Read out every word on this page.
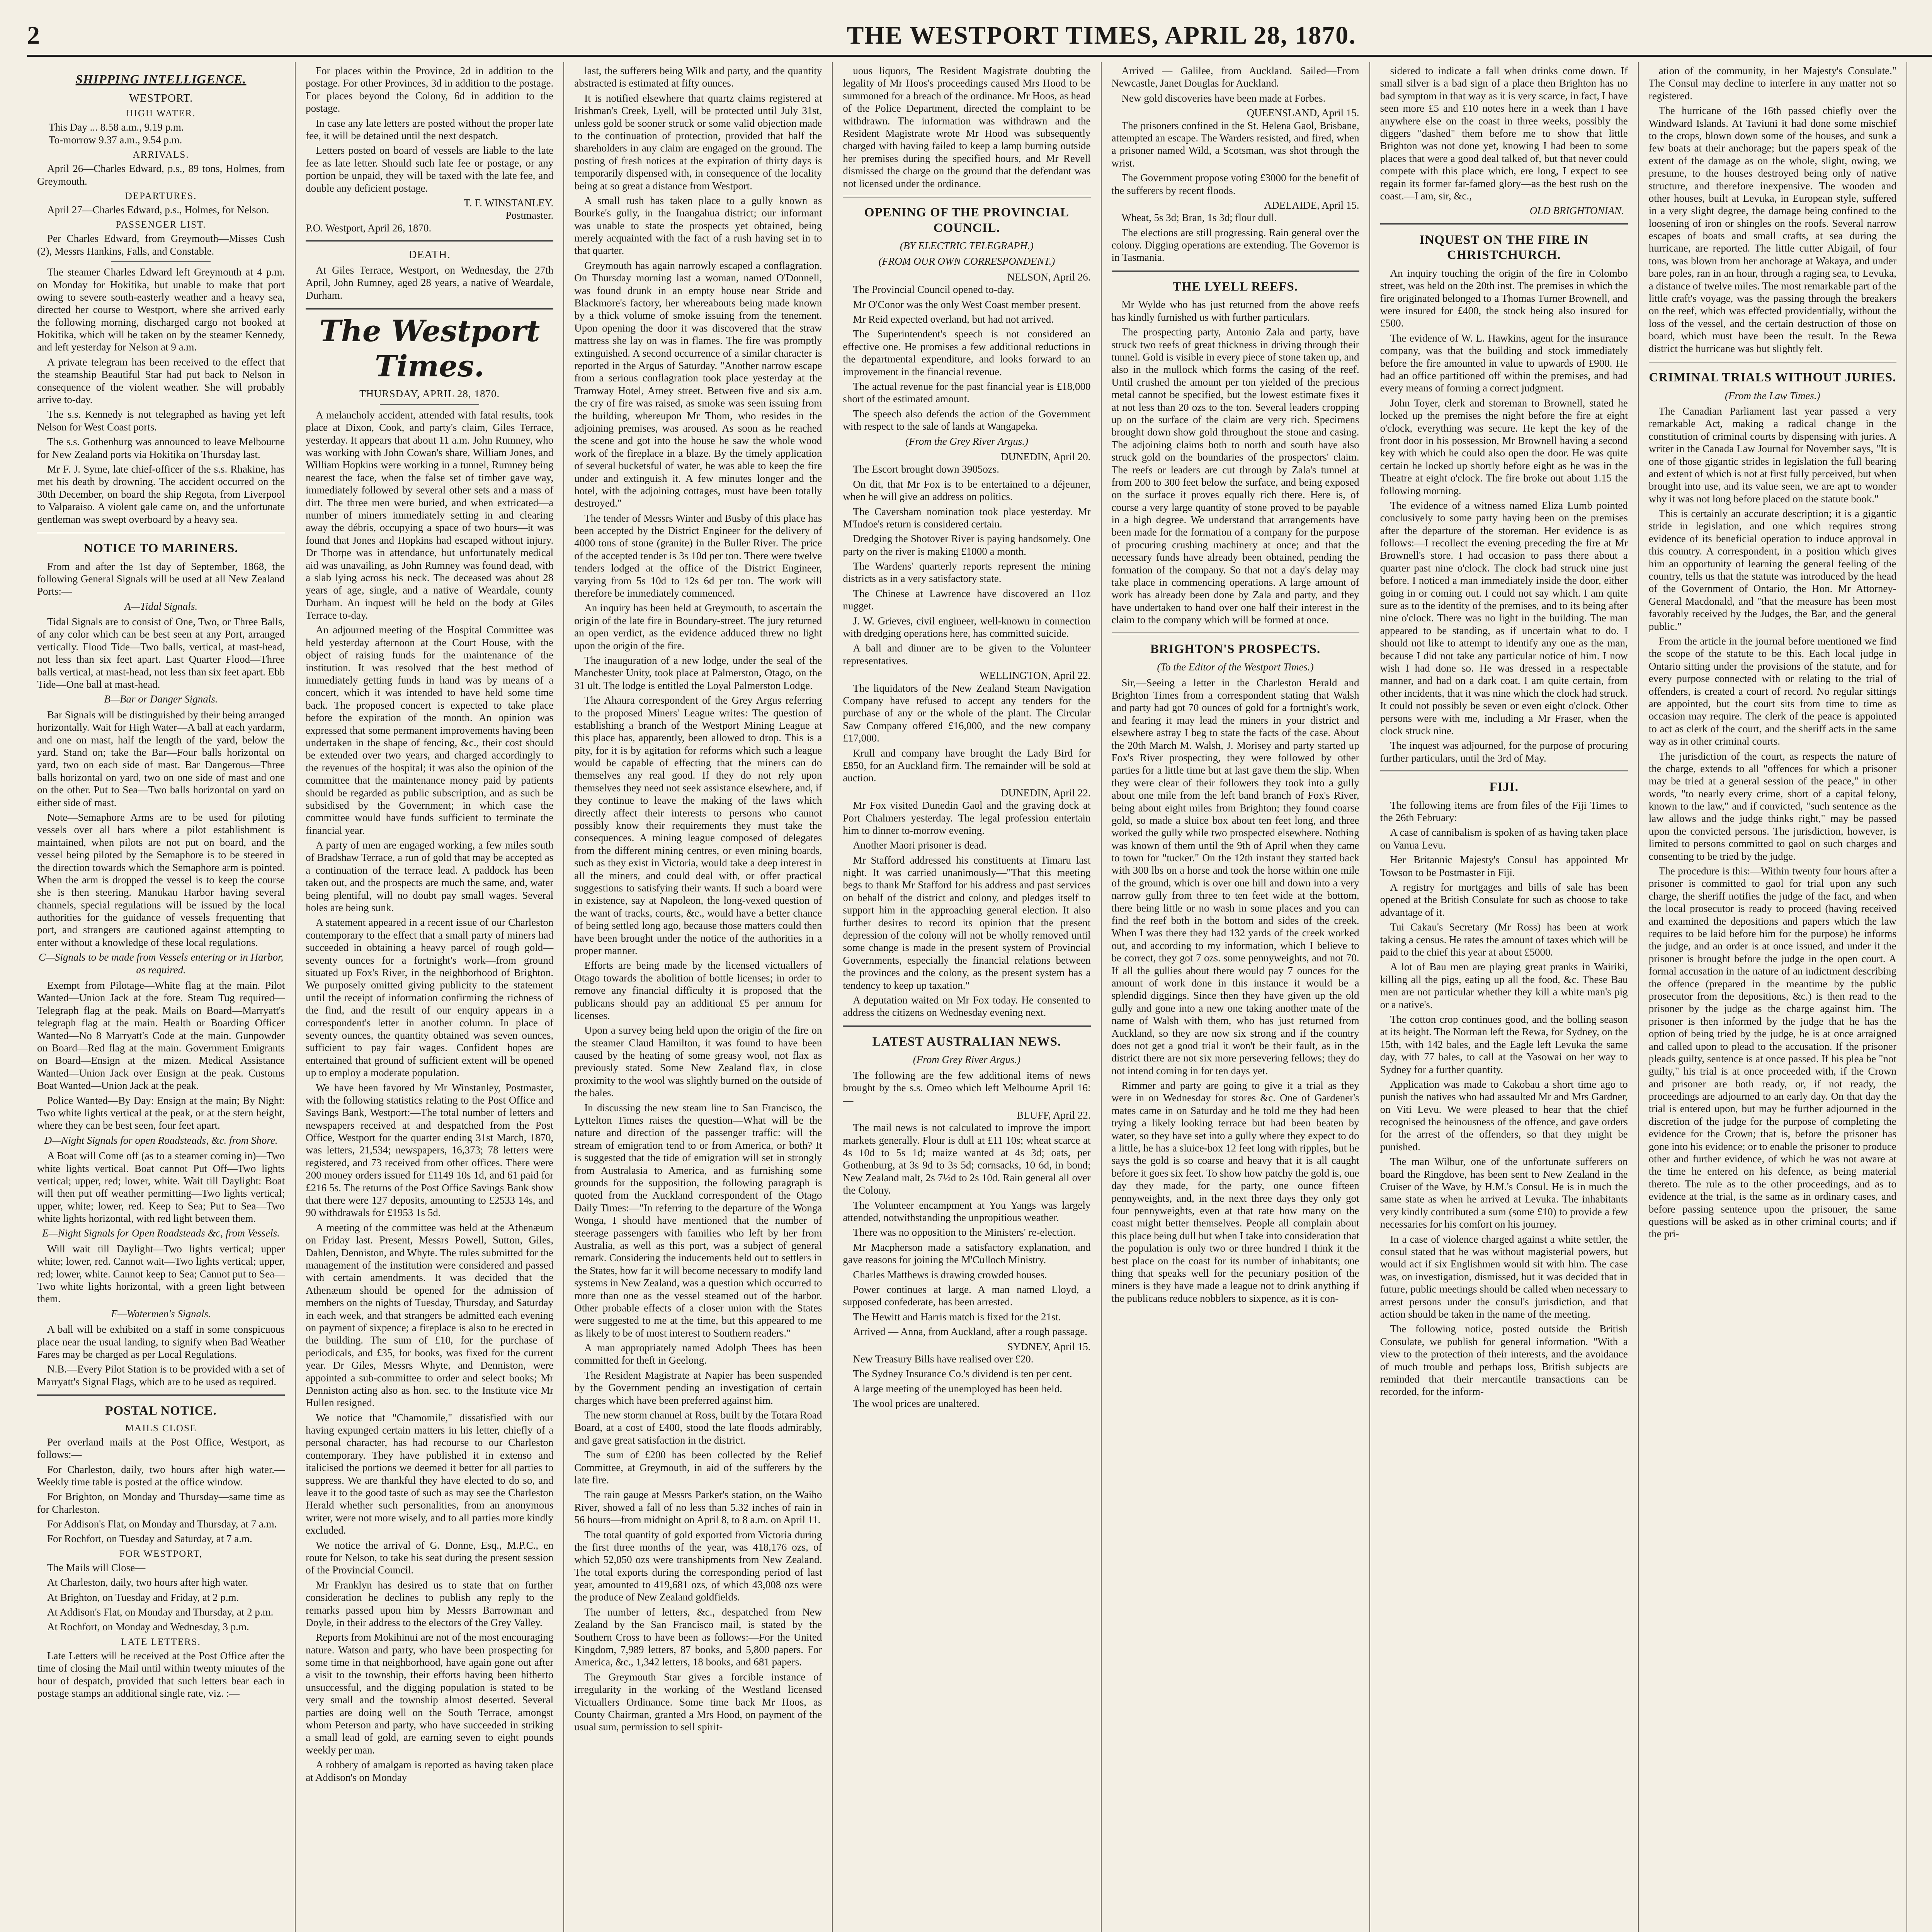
2	THE WESTPORT TIMES, APRIL 28, 1870.
SHIPPING INTELLIGENCE.
WESTPORT.
HIGH WATER.
This Day ... 8.58 a.m., 9.19 p.m.
To-morrow 9.37 a.m., 9.54 p.m.
ARRIVALS.

April 26—Charles Edward, p.s., 89 tons, Holmes, from Greymouth.

DEPARTURES.

April 27—Charles Edward, p.s., Holmes, for Nelson.

PASSENGER LIST.

Per Charles Edward, from Greymouth—Misses Cush (2), Messrs Hankins, Falls, and Constable.

The steamer Charles Edward left Greymouth at 4 p.m. on Monday for Hokitika, but unable to make that port owing to severe south-easterly weather and a heavy sea, directed her course to Westport, where she arrived early the following morning, discharged cargo not booked at Hokitika, which will be taken on by the steamer Kennedy, and left yesterday for Nelson at 9 a.m.

A private telegram has been received to the effect that the steamship Beautiful Star had put back to Nelson in consequence of the violent weather. She will probably arrive to-day.

The s.s. Kennedy is not telegraphed as having yet left Nelson for West Coast ports.

The s.s. Gothenburg was announced to leave Melbourne for New Zealand ports via Hokitika on Thursday last.

Mr F. J. Syme, late chief-officer of the s.s. Rhakine, has met his death by drowning. The accident occurred on the 30th December, on board the ship Regota, from Liverpool to Valparaiso. A violent gale came on, and the unfortunate gentleman was swept overboard by a heavy sea.

NOTICE TO MARINERS.

From and after the 1st day of September, 1868, the following General Signals will be used at all New Zealand Ports:—

A—Tidal Signals.

Tidal Signals are to consist of One, Two, or Three Balls, of any color which can be best seen at any Port, arranged vertically. Flood Tide—Two balls, vertical, at mast-head, not less than six feet apart. Last Quarter Flood—Three balls vertical, at mast-head, not less than six feet apart. Ebb Tide—One ball at mast-head.

B—Bar or Danger Signals.

Bar Signals will be distinguished by their being arranged horizontally. Wait for High Water—A ball at each yardarm, and one on mast, half the length of the yard, below the yard. Stand on; take the Bar—Four balls horizontal on yard, two on each side of mast. Bar Dangerous—Three balls horizontal on yard, two on one side of mast and one on the other. Put to Sea—Two balls horizontal on yard on either side of mast.

Note—Semaphore Arms are to be used for piloting vessels over all bars where a pilot establishment is maintained, when pilots are not put on board, and the vessel being piloted by the Semaphore is to be steered in the direction towards which the Semaphore arm is pointed. When the arm is dropped the vessel is to keep the course she is then steering. Manukau Harbor having several channels, special regulations will be issued by the local authorities for the guidance of vessels frequenting that port, and strangers are cautioned against attempting to enter without a knowledge of these local regulations.

C—Signals to be made from Vessels entering or in Harbor, as required.

Exempt from Pilotage—White flag at the main. Pilot Wanted—Union Jack at the fore. Steam Tug required—Telegraph flag at the peak. Mails on Board—Marryatt's telegraph flag at the main. Health or Boarding Officer Wanted—No 8 Marryatt's Code at the main. Gunpowder on Board—Red flag at the main. Government Emigrants on Board—Ensign at the mizen. Medical Assistance Wanted—Union Jack over Ensign at the peak. Customs Boat Wanted—Union Jack at the peak.

Police Wanted—By Day: Ensign at the main; By Night: Two white lights vertical at the peak, or at the stern height, where they can be best seen, four feet apart.

D—Night Signals for open Roadsteads, &c. from Shore.

A Boat will Come off (as to a steamer coming in)—Two white lights vertical. Boat cannot Put Off—Two lights vertical; upper, red; lower, white. Wait till Daylight: Boat will then put off weather permitting—Two lights vertical; upper, white; lower, red. Keep to Sea; Put to Sea—Two white lights horizontal, with red light between them.

E—Night Signals for Open Roadsteads &c, from Vessels.

Will wait till Daylight—Two lights vertical; upper white; lower, red. Cannot wait—Two lights vertical; upper, red; lower, white. Cannot keep to Sea; Cannot put to Sea—Two white lights horizontal, with a green light between them.

F—Watermen's Signals.

A ball will be exhibited on a staff in some conspicuous place near the usual landing, to signify when Bad Weather Fares may be charged as per Local Regulations.

N.B.—Every Pilot Station is to be provided with a set of Marryatt's Signal Flags, which are to be used as required.

POSTAL NOTICE.
MAILS CLOSE

Per overland mails at the Post Office, Westport, as follows:—

For Charleston, daily, two hours after high water.—Weekly time table is posted at the office window.

For Brighton, on Monday and Thursday—same time as for Charleston.

For Addison's Flat, on Monday and Thursday, at 7 a.m.

For Rochfort, on Tuesday and Saturday, at 7 a.m.

FOR WESTPORT,

The Mails will Close—

At Charleston, daily, two hours after high water.

At Brighton, on Tuesday and Friday, at 2 p.m.

At Addison's Flat, on Monday and Thursday, at 2 p.m.

At Rochfort, on Monday and Wednesday, 3 p.m.

LATE LETTERS.

Late Letters will be received at the Post Office after the time of closing the Mail until within twenty minutes of the hour of despatch, provided that such letters bear each in postage stamps an additional single rate, viz. :—

For places within the Province, 2d in addition to the postage. For other Provinces, 3d in addition to the postage. For places beyond the Colony, 6d in addition to the postage.

In case any late letters are posted without the proper late fee, it will be detained until the next despatch.

Letters posted on board of vessels are liable to the late fee as late letter. Should such late fee or postage, or any portion be unpaid, they will be taxed with the late fee, and double any deficient postage.

T. F. WINSTANLEY.
Postmaster.
P.O. Westport, April 26, 1870.
DEATH.

At Giles Terrace, Westport, on Wednesday, the 27th April, John Rumney, aged 28 years, a native of Weardale, Durham.

The Westport Times.
THURSDAY, APRIL 28, 1870.

A melancholy accident, attended with fatal results, took place at Dixon, Cook, and party's claim, Giles Terrace, yesterday. It appears that about 11 a.m. John Rumney, who was working with John Cowan's share, William Jones, and William Hopkins were working in a tunnel, Rumney being nearest the face, when the false set of timber gave way, immediately followed by several other sets and a mass of dirt. The three men were buried, and when extricated—a number of miners immediately setting in and clearing away the débris, occupying a space of two hours—it was found that Jones and Hopkins had escaped without injury. Dr Thorpe was in attendance, but unfortunately medical aid was unavailing, as John Rumney was found dead, with a slab lying across his neck. The deceased was about 28 years of age, single, and a native of Weardale, county Durham. An inquest will be held on the body at Giles Terrace to-day.

An adjourned meeting of the Hospital Committee was held yesterday afternoon at the Court House, with the object of raising funds for the maintenance of the institution. It was resolved that the best method of immediately getting funds in hand was by means of a concert, which it was intended to have held some time back. The proposed concert is expected to take place before the expiration of the month. An opinion was expressed that some permanent improvements having been undertaken in the shape of fencing, &c., their cost should be extended over two years, and charged accordingly to the revenues of the hospital; it was also the opinion of the committee that the maintenance money paid by patients should be regarded as public subscription, and as such be subsidised by the Government; in which case the committee would have funds sufficient to terminate the financial year.

A party of men are engaged working, a few miles south of Bradshaw Terrace, a run of gold that may be accepted as a continuation of the terrace lead. A paddock has been taken out, and the prospects are much the same, and, water being plentiful, will no doubt pay small wages. Several holes are being sunk.

A statement appeared in a recent issue of our Charleston contemporary to the effect that a small party of miners had succeeded in obtaining a heavy parcel of rough gold—seventy ounces for a fortnight's work—from ground situated up Fox's River, in the neighborhood of Brighton. We purposely omitted giving publicity to the statement until the receipt of information confirming the richness of the find, and the result of our enquiry appears in a correspondent's letter in another column. In place of seventy ounces, the quantity obtained was seven ounces, sufficient to pay fair wages. Confident hopes are entertained that ground of sufficient extent will be opened up to employ a moderate population.

We have been favored by Mr Winstanley, Postmaster, with the following statistics relating to the Post Office and Savings Bank, Westport:—The total number of letters and newspapers received at and despatched from the Post Office, Westport for the quarter ending 31st March, 1870, was letters, 21,534; newspapers, 16,373; 78 letters were registered, and 73 received from other offices. There were 200 money orders issued for £1149 10s 1d, and 61 paid for £216 5s. The returns of the Post Office Savings Bank show that there were 127 deposits, amounting to £2533 14s, and 90 withdrawals for £1953 1s 5d.

A meeting of the committee was held at the Athenæum on Friday last. Present, Messrs Powell, Sutton, Giles, Dahlen, Denniston, and Whyte. The rules submitted for the management of the institution were considered and passed with certain amendments. It was decided that the Athenæum should be opened for the admission of members on the nights of Tuesday, Thursday, and Saturday in each week, and that strangers be admitted each evening on payment of sixpence; a fireplace is also to be erected in the building. The sum of £10, for the purchase of periodicals, and £35, for books, was fixed for the current year. Dr Giles, Messrs Whyte, and Denniston, were appointed a sub-committee to order and select books; Mr Denniston acting also as hon. sec. to the Institute vice Mr Hullen resigned.

We notice that "Chamomile," dissatisfied with our having expunged certain matters in his letter, chiefly of a personal character, has had recourse to our Charleston contemporary. They have published it in extenso and italicised the portions we deemed it better for all parties to suppress. We are thankful they have elected to do so, and leave it to the good taste of such as may see the Charleston Herald whether such personalities, from an anonymous writer, were not more wisely, and to all parties more kindly excluded.

We notice the arrival of G. Donne, Esq., M.P.C., en route for Nelson, to take his seat during the present session of the Provincial Council.

Mr Franklyn has desired us to state that on further consideration he declines to publish any reply to the remarks passed upon him by Messrs Barrowman and Doyle, in their address to the electors of the Grey Valley.

Reports from Mokihinui are not of the most encouraging nature. Watson and party, who have been prospecting for some time in that neighborhood, have again gone out after a visit to the township, their efforts having been hitherto unsuccessful, and the digging population is stated to be very small and the township almost deserted. Several parties are doing well on the South Terrace, amongst whom Peterson and party, who have succeeded in striking a small lead of gold, are earning seven to eight pounds weekly per man.

A robbery of amalgam is reported as having taken place at Addison's on Monday

last, the sufferers being Wilk and party, and the quantity abstracted is estimated at fifty ounces.

It is notified elsewhere that quartz claims registered at Irishman's Creek, Lyell, will be protected until July 31st, unless gold be sooner struck or some valid objection made to the continuation of protection, provided that half the shareholders in any claim are engaged on the ground. The posting of fresh notices at the expiration of thirty days is temporarily dispensed with, in consequence of the locality being at so great a distance from Westport.

A small rush has taken place to a gully known as Bourke's gully, in the Inangahua district; our informant was unable to state the prospects yet obtained, being merely acquainted with the fact of a rush having set in to that quarter.

Greymouth has again narrowly escaped a conflagration. On Thursday morning last a woman, named O'Donnell, was found drunk in an empty house near Stride and Blackmore's factory, her whereabouts being made known by a thick volume of smoke issuing from the tenement. Upon opening the door it was discovered that the straw mattress she lay on was in flames. The fire was promptly extinguished. A second occurrence of a similar character is reported in the Argus of Saturday. "Another narrow escape from a serious conflagration took place yesterday at the Tramway Hotel, Arney street. Between five and six a.m. the cry of fire was raised, as smoke was seen issuing from the building, whereupon Mr Thom, who resides in the adjoining premises, was aroused. As soon as he reached the scene and got into the house he saw the whole wood work of the fireplace in a blaze. By the timely application of several bucketsful of water, he was able to keep the fire under and extinguish it. A few minutes longer and the hotel, with the adjoining cottages, must have been totally destroyed."

The tender of Messrs Winter and Busby of this place has been accepted by the District Engineer for the delivery of 4000 tons of stone (granite) in the Buller River. The price of the accepted tender is 3s 10d per ton. There were twelve tenders lodged at the office of the District Engineer, varying from 5s 10d to 12s 6d per ton. The work will therefore be immediately commenced.

An inquiry has been held at Greymouth, to ascertain the origin of the late fire in Boundary-street. The jury returned an open verdict, as the evidence adduced threw no light upon the origin of the fire.

The inauguration of a new lodge, under the seal of the Manchester Unity, took place at Palmerston, Otago, on the 31 ult. The lodge is entitled the Loyal Palmerston Lodge.

The Ahaura correspondent of the Grey Argus referring to the proposed Miners' League writes: The question of establishing a branch of the Westport Mining League at this place has, apparently, been allowed to drop. This is a pity, for it is by agitation for reforms which such a league would be capable of effecting that the miners can do themselves any real good. If they do not rely upon themselves they need not seek assistance elsewhere, and, if they continue to leave the making of the laws which directly affect their interests to persons who cannot possibly know their requirements they must take the consequences. A mining league composed of delegates from the different mining centres, or even mining boards, such as they exist in Victoria, would take a deep interest in all the miners, and could deal with, or offer practical suggestions to satisfying their wants. If such a board were in existence, say at Napoleon, the long-vexed question of the want of tracks, courts, &c., would have a better chance of being settled long ago, because those matters could then have been brought under the notice of the authorities in a proper manner.

Efforts are being made by the licensed victuallers of Otago towards the abolition of bottle licenses; in order to remove any financial difficulty it is proposed that the publicans should pay an additional £5 per annum for licenses.

Upon a survey being held upon the origin of the fire on the steamer Claud Hamilton, it was found to have been caused by the heating of some greasy wool, not flax as previously stated. Some New Zealand flax, in close proximity to the wool was slightly burned on the outside of the bales.

In discussing the new steam line to San Francisco, the Lyttelton Times raises the question—What will be the nature and direction of the passenger traffic: will the stream of emigration tend to or from America, or both? It is suggested that the tide of emigration will set in strongly from Australasia to America, and as furnishing some grounds for the supposition, the following paragraph is quoted from the Auckland correspondent of the Otago Daily Times:—"In referring to the departure of the Wonga Wonga, I should have mentioned that the number of steerage passengers with families who left by her from Australia, as well as this port, was a subject of general remark. Considering the inducements held out to settlers in the States, how far it will become necessary to modify land systems in New Zealand, was a question which occurred to more than one as the vessel steamed out of the harbor. Other probable effects of a closer union with the States were suggested to me at the time, but this appeared to me as likely to be of most interest to Southern readers."

A man appropriately named Adolph Thees has been committed for theft in Geelong.

The Resident Magistrate at Napier has been suspended by the Government pending an investigation of certain charges which have been preferred against him.

The new storm channel at Ross, built by the Totara Road Board, at a cost of £400, stood the late floods admirably, and gave great satisfaction in the district.

The sum of £200 has been collected by the Relief Committee, at Greymouth, in aid of the sufferers by the late fire.

The rain gauge at Messrs Parker's station, on the Waiho River, showed a fall of no less than 5.32 inches of rain in 56 hours—from midnight on April 8, to 8 a.m. on April 11.

The total quantity of gold exported from Victoria during the first three months of the year, was 418,176 ozs, of which 52,050 ozs were transhipments from New Zealand. The total exports during the corresponding period of last year, amounted to 419,681 ozs, of which 43,008 ozs were the produce of New Zealand goldfields.

The number of letters, &c., despatched from New Zealand by the San Francisco mail, is stated by the Southern Cross to have been as follows:—For the United Kingdom, 7,989 letters, 87 books, and 5,800 papers. For America, &c., 1,342 letters, 18 books, and 681 papers.

The Greymouth Star gives a forcible instance of irregularity in the working of the Westland licensed Victuallers Ordinance. Some time back Mr Hoos, as County Chairman, granted a Mrs Hood, on payment of the usual sum, permission to sell spirit-

uous liquors, The Resident Magistrate doubting the legality of Mr Hoos's proceedings caused Mrs Hood to be summoned for a breach of the ordinance. Mr Hoos, as head of the Police Department, directed the complaint to be withdrawn. The information was withdrawn and the Resident Magistrate wrote Mr Hood was subsequently charged with having failed to keep a lamp burning outside her premises during the specified hours, and Mr Revell dismissed the charge on the ground that the defendant was not licensed under the ordinance.

OPENING OF THE PROVINCIAL COUNCIL.
(BY ELECTRIC TELEGRAPH.)
(FROM OUR OWN CORRESPONDENT.)
NELSON, April 26.

The Provincial Council opened to-day.

Mr O'Conor was the only West Coast member present.

Mr Reid expected overland, but had not arrived.

The Superintendent's speech is not considered an effective one. He promises a few additional reductions in the departmental expenditure, and looks forward to an improvement in the financial revenue.

The actual revenue for the past financial year is £18,000 short of the estimated amount.

The speech also defends the action of the Government with respect to the sale of lands at Wangapeka.

(From the Grey River Argus.)
DUNEDIN, April 20.

The Escort brought down 3905ozs.

On dit, that Mr Fox is to be entertained to a déjeuner, when he will give an address on politics.

The Caversham nomination took place yesterday. Mr M'Indoe's return is considered certain.

Dredging the Shotover River is paying handsomely. One party on the river is making £1000 a month.

The Wardens' quarterly reports represent the mining districts as in a very satisfactory state.

The Chinese at Lawrence have discovered an 11oz nugget.

J. W. Grieves, civil engineer, well-known in connection with dredging operations here, has committed suicide.

A ball and dinner are to be given to the Volunteer representatives.

WELLINGTON, April 22.

The liquidators of the New Zealand Steam Navigation Company have refused to accept any tenders for the purchase of any or the whole of the plant. The Circular Saw Company offered £16,000, and the new company £17,000.

Krull and company have brought the Lady Bird for £850, for an Auckland firm. The remainder will be sold at auction.

DUNEDIN, April 22.

Mr Fox visited Dunedin Gaol and the graving dock at Port Chalmers yesterday. The legal profession entertain him to dinner to-morrow evening.

Another Maori prisoner is dead.

Mr Stafford addressed his constituents at Timaru last night. It was carried unanimously—"That this meeting begs to thank Mr Stafford for his address and past services on behalf of the district and colony, and pledges itself to support him in the approaching general election. It also further desires to record its opinion that the present depression of the colony will not be wholly removed until some change is made in the present system of Provincial Governments, especially the financial relations between the provinces and the colony, as the present system has a tendency to keep up taxation."

A deputation waited on Mr Fox today. He consented to address the citizens on Wednesday evening next.

LATEST AUSTRALIAN NEWS.
(From Grey River Argus.)

The following are the few additional items of news brought by the s.s. Omeo which left Melbourne April 16:—

BLUFF, April 22.

The mail news is not calculated to improve the import markets generally. Flour is dull at £11 10s; wheat scarce at 4s 10d to 5s 1d; maize wanted at 4s 3d; oats, per Gothenburg, at 3s 9d to 3s 5d; cornsacks, 10 6d, in bond; New Zealand malt, 2s 7½d to 2s 10d. Rain general all over the Colony.

The Volunteer encampment at You Yangs was largely attended, notwithstanding the unpropitious weather.

There was no opposition to the Ministers' re-election.

Mr Macpherson made a satisfactory explanation, and gave reasons for joining the M'Culloch Ministry.

Charles Matthews is drawing crowded houses.

Power continues at large. A man named Lloyd, a supposed confederate, has been arrested.

The Hewitt and Harris match is fixed for the 21st.

Arrived — Anna, from Auckland, after a rough passage.

SYDNEY, April 15.

New Treasury Bills have realised over £20.

The Sydney Insurance Co.'s dividend is ten per cent.

A large meeting of the unemployed has been held.

The wool prices are unaltered.

Arrived — Galilee, from Auckland. Sailed—From Newcastle, Janet Douglas for Auckland.

New gold discoveries have been made at Forbes.

QUEENSLAND, April 15.

The prisoners confined in the St. Helena Gaol, Brisbane, attempted an escape. The Warders resisted, and fired, when a prisoner named Wild, a Scotsman, was shot through the wrist.

The Government propose voting £3000 for the benefit of the sufferers by recent floods.

ADELAIDE, April 15.

Wheat, 5s 3d; Bran, 1s 3d; flour dull.

The elections are still progressing. Rain general over the colony. Digging operations are extending. The Governor is in Tasmania.

THE LYELL REEFS.

Mr Wylde who has just returned from the above reefs has kindly furnished us with further particulars.

The prospecting party, Antonio Zala and party, have struck two reefs of great thickness in driving through their tunnel. Gold is visible in every piece of stone taken up, and also in the mullock which forms the casing of the reef. Until crushed the amount per ton yielded of the precious metal cannot be specified, but the lowest estimate fixes it at not less than 20 ozs to the ton. Several leaders cropping up on the surface of the claim are very rich. Specimens brought down show gold throughout the stone and casing. The adjoining claims both to north and south have also struck gold on the boundaries of the prospectors' claim. The reefs or leaders are cut through by Zala's tunnel at from 200 to 300 feet below the surface, and being exposed on the surface it proves equally rich there. Here is, of course a very large quantity of stone proved to be payable in a high degree. We understand that arrangements have been made for the formation of a company for the purpose of procuring crushing machinery at once; and that the necessary funds have already been obtained, pending the formation of the company. So that not a day's delay may take place in commencing operations. A large amount of work has already been done by Zala and party, and they have undertaken to hand over one half their interest in the claim to the company which will be formed at once.

BRIGHTON'S PROSPECTS.
(To the Editor of the Westport Times.)

Sir,—Seeing a letter in the Charleston Herald and Brighton Times from a correspondent stating that Walsh and party had got 70 ounces of gold for a fortnight's work, and fearing it may lead the miners in your district and elsewhere astray I beg to state the facts of the case. About the 20th March M. Walsh, J. Morisey and party started up Fox's River prospecting, they were followed by other parties for a little time but at last gave them the slip. When they were clear of their followers they took into a gully about one mile from the left band branch of Fox's River, being about eight miles from Brighton; they found coarse gold, so made a sluice box about ten feet long, and three worked the gully while two prospected elsewhere. Nothing was known of them until the 9th of April when they came to town for "tucker." On the 12th instant they started back with 300 lbs on a horse and took the horse within one mile of the ground, which is over one hill and down into a very narrow gully from three to ten feet wide at the bottom, there being little or no wash in some places and you can find the reef both in the bottom and sides of the creek. When I was there they had 132 yards of the creek worked out, and according to my information, which I believe to be correct, they got 7 ozs. some pennyweights, and not 70. If all the gullies about there would pay 7 ounces for the amount of work done in this instance it would be a splendid diggings. Since then they have given up the old gully and gone into a new one taking another mate of the name of Walsh with them, who has just returned from Auckland, so they are now six strong and if the country does not get a good trial it won't be their fault, as in the district there are not six more persevering fellows; they do not intend coming in for ten days yet.

Rimmer and party are going to give it a trial as they were in on Wednesday for stores &c. One of Gardener's mates came in on Saturday and he told me they had been trying a likely looking terrace but had been beaten by water, so they have set into a gully where they expect to do a little, he has a sluice-box 12 feet long with ripples, but he says the gold is so coarse and heavy that it is all caught before it goes six feet. To show how patchy the gold is, one day they made, for the party, one ounce fifteen pennyweights, and, in the next three days they only got four pennyweights, even at that rate how many on the coast might better themselves. People all complain about this place being dull but when I take into consideration that the population is only two or three hundred I think it the best place on the coast for its number of inhabitants; one thing that speaks well for the pecuniary position of the miners is they have made a league not to drink anything if the publicans reduce nobblers to sixpence, as it is con-

sidered to indicate a fall when drinks come down. If small silver is a bad sign of a place then Brighton has no bad symptom in that way as it is very scarce, in fact, I have seen more £5 and £10 notes here in a week than I have anywhere else on the coast in three weeks, possibly the diggers "dashed" them before me to show that little Brighton was not done yet, knowing I had been to some places that were a good deal talked of, but that never could compete with this place which, ere long, I expect to see regain its former far-famed glory—as the best rush on the coast.—I am, sir, &c.,

OLD BRIGHTONIAN.
INQUEST ON THE FIRE IN CHRISTCHURCH.

An inquiry touching the origin of the fire in Colombo street, was held on the 20th inst. The premises in which the fire originated belonged to a Thomas Turner Brownell, and were insured for £400, the stock being also insured for £500.

The evidence of W. L. Hawkins, agent for the insurance company, was that the building and stock immediately before the fire amounted in value to upwards of £900. He had an office partitioned off within the premises, and had every means of forming a correct judgment.

John Toyer, clerk and storeman to Brownell, stated he locked up the premises the night before the fire at eight o'clock, everything was secure. He kept the key of the front door in his possession, Mr Brownell having a second key with which he could also open the door. He was quite certain he locked up shortly before eight as he was in the Theatre at eight o'clock. The fire broke out about 1.15 the following morning.

The evidence of a witness named Eliza Lumb pointed conclusively to some party having been on the premises after the departure of the storeman. Her evidence is as follows:—I recollect the evening preceding the fire at Mr Brownell's store. I had occasion to pass there about a quarter past nine o'clock. The clock had struck nine just before. I noticed a man immediately inside the door, either going in or coming out. I could not say which. I am quite sure as to the identity of the premises, and to its being after nine o'clock. There was no light in the building. The man appeared to be standing, as if uncertain what to do. I should not like to attempt to identify any one as the man, because I did not take any particular notice of him. I now wish I had done so. He was dressed in a respectable manner, and had on a dark coat. I am quite certain, from other incidents, that it was nine which the clock had struck. It could not possibly be seven or even eight o'clock. Other persons were with me, including a Mr Fraser, when the clock struck nine.

The inquest was adjourned, for the purpose of procuring further particulars, until the 3rd of May.

FIJI.

The following items are from files of the Fiji Times to the 26th February:

A case of cannibalism is spoken of as having taken place on Vanua Levu.

Her Britannic Majesty's Consul has appointed Mr Towson to be Postmaster in Fiji.

A registry for mortgages and bills of sale has been opened at the British Consulate for such as choose to take advantage of it.

Tui Cakau's Secretary (Mr Ross) has been at work taking a census. He rates the amount of taxes which will be paid to the chief this year at about £5000.

A lot of Bau men are playing great pranks in Wairiki, killing all the pigs, eating up all the food, &c. These Bau men are not particular whether they kill a white man's pig or a native's.

The cotton crop continues good, and the bolling season at its height. The Norman left the Rewa, for Sydney, on the 15th, with 142 bales, and the Eagle left Levuka the same day, with 77 bales, to call at the Yasowai on her way to Sydney for a further quantity.

Application was made to Cakobau a short time ago to punish the natives who had assaulted Mr and Mrs Gardner, on Viti Levu. We were pleased to hear that the chief recognised the heinousness of the offence, and gave orders for the arrest of the offenders, so that they might be punished.

The man Wilbur, one of the unfortunate sufferers on board the Ringdove, has been sent to New Zealand in the Cruiser of the Wave, by H.M.'s Consul. He is in much the same state as when he arrived at Levuka. The inhabitants very kindly contributed a sum (some £10) to provide a few necessaries for his comfort on his journey.

In a case of violence charged against a white settler, the consul stated that he was without magisterial powers, but would act if six Englishmen would sit with him. The case was, on investigation, dismissed, but it was decided that in future, public meetings should be called when necessary to arrest persons under the consul's jurisdiction, and that action should be taken in the name of the meeting.

The following notice, posted outside the British Consulate, we publish for general information. "With a view to the protection of their interests, and the avoidance of much trouble and perhaps loss, British subjects are reminded that their mercantile transactions can be recorded, for the inform-

ation of the community, in her Majesty's Consulate." The Consul may decline to interfere in any matter not so registered.

The hurricane of the 16th passed chiefly over the Windward Islands. At Taviuni it had done some mischief to the crops, blown down some of the houses, and sunk a few boats at their anchorage; but the papers speak of the extent of the damage as on the whole, slight, owing, we presume, to the houses destroyed being only of native structure, and therefore inexpensive. The wooden and other houses, built at Levuka, in European style, suffered in a very slight degree, the damage being confined to the loosening of iron or shingles on the roofs. Several narrow escapes of boats and small crafts, at sea during the hurricane, are reported. The little cutter Abigail, of four tons, was blown from her anchorage at Wakaya, and under bare poles, ran in an hour, through a raging sea, to Levuka, a distance of twelve miles. The most remarkable part of the little craft's voyage, was the passing through the breakers on the reef, which was effected providentially, without the loss of the vessel, and the certain destruction of those on board, which must have been the result. In the Rewa district the hurricane was but slightly felt.

CRIMINAL TRIALS WITHOUT JURIES.
(From the Law Times.)

The Canadian Parliament last year passed a very remarkable Act, making a radical change in the constitution of criminal courts by dispensing with juries. A writer in the Canada Law Journal for November says, "It is one of those gigantic strides in legislation the full bearing and extent of which is not at first fully perceived, but when brought into use, and its value seen, we are apt to wonder why it was not long before placed on the statute book."

This is certainly an accurate description; it is a gigantic stride in legislation, and one which requires strong evidence of its beneficial operation to induce approval in this country. A correspondent, in a position which gives him an opportunity of learning the general feeling of the country, tells us that the statute was introduced by the head of the Government of Ontario, the Hon. Mr Attorney-General Macdonald, and "that the measure has been most favorably received by the Judges, the Bar, and the general public."

From the article in the journal before mentioned we find the scope of the statute to be this. Each local judge in Ontario sitting under the provisions of the statute, and for every purpose connected with or relating to the trial of offenders, is created a court of record. No regular sittings are appointed, but the court sits from time to time as occasion may require. The clerk of the peace is appointed to act as clerk of the court, and the sheriff acts in the same way as in other criminal courts.

The jurisdiction of the court, as respects the nature of the charge, extends to all "offences for which a prisoner may be tried at a general session of the peace," in other words, "to nearly every crime, short of a capital felony, known to the law," and if convicted, "such sentence as the law allows and the judge thinks right," may be passed upon the convicted persons. The jurisdiction, however, is limited to persons committed to gaol on such charges and consenting to be tried by the judge.

The procedure is this:—Within twenty four hours after a prisoner is committed to gaol for trial upon any such charge, the sheriff notifies the judge of the fact, and when the local prosecutor is ready to proceed (having received and examined the depositions and papers which the law requires to be laid before him for the purpose) he informs the judge, and an order is at once issued, and under it the prisoner is brought before the judge in the open court. A formal accusation in the nature of an indictment describing the offence (prepared in the meantime by the public prosecutor from the depositions, &c.) is then read to the prisoner by the judge as the charge against him. The prisoner is then informed by the judge that he has the option of being tried by the judge, he is at once arraigned and called upon to plead to the accusation. If the prisoner pleads guilty, sentence is at once passed. If his plea be "not guilty," his trial is at once proceeded with, if the Crown and prisoner are both ready, or, if not ready, the proceedings are adjourned to an early day. On that day the trial is entered upon, but may be further adjourned in the discretion of the judge for the purpose of completing the evidence for the Crown; that is, before the prisoner has gone into his evidence; or to enable the prisoner to produce other and further evidence, of which he was not aware at the time he entered on his defence, as being material thereto. The rule as to the other proceedings, and as to evidence at the trial, is the same as in ordinary cases, and before passing sentence upon the prisoner, the same questions will be asked as in other criminal courts; and if the pri-
